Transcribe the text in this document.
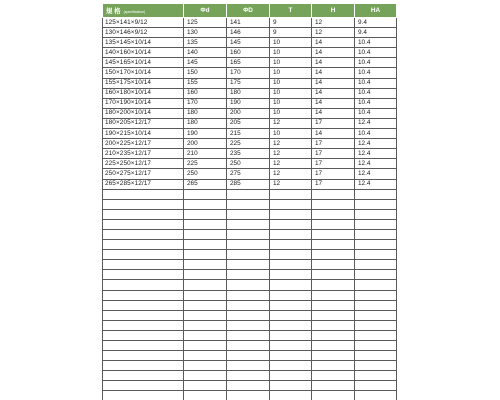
規 格 (specification)	Φd	ΦD	T	H	HA
125×141×9/12	125	141	9	12	9.4
130×146×9/12	130	146	9	12	9.4
135×145×10/14	135	145	10	14	10.4
140×160×10/14	140	160	10	14	10.4
145×165×10/14	145	165	10	14	10.4
150×170×10/14	150	170	10	14	10.4
155×175×10/14	155	175	10	14	10.4
160×180×10/14	160	180	10	14	10.4
170×190×10/14	170	190	10	14	10.4
180×200×10/14	180	200	10	14	10.4
180×205×12/17	180	205	12	17	12.4
190×215×10/14	190	215	10	14	10.4
200×225×12/17	200	225	12	17	12.4
210×235×12/17	210	235	12	17	12.4
225×250×12/17	225	250	12	17	12.4
250×275×12/17	250	275	12	17	12.4
265×285×12/17	265	285	12	17	12.4
